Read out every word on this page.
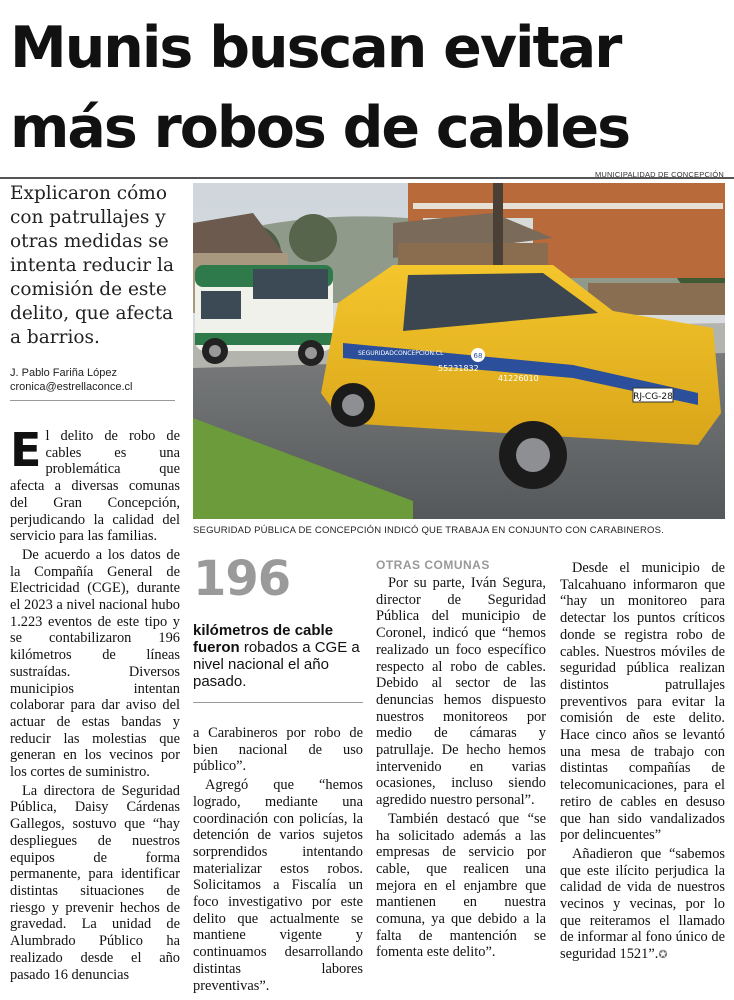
Munis buscan evitar
más robos de cables

Explicaron cómo con patrullajes y otras medidas se intenta reducir la comisión de este delito, que afecta a barrios.

J. Pablo Fariña López
cronica@estrellaconce.cl
MUNICIPALIDAD DE CONCEPCIÓN
RJ-CG-28
68
55231832
41226010
SEGURIDADCONCEPCION.CL
SEGURIDAD PÚBLICA DE CONCEPCIÓN INDICÓ QUE TRABAJA EN CONJUNTO CON CARABINEROS.

El delito de robo de cables es una problemática que afecta a diversas comunas del Gran Concepción, perjudicando la calidad del servicio para las familias.

De acuerdo a los datos de la Compañía General de Electricidad (CGE), durante el 2023 a nivel nacional hubo 1.223 eventos de este tipo y se contabilizaron 196 kilómetros de líneas sustraídas. Diversos municipios intentan colaborar para dar aviso del actuar de estas bandas y reducir las molestias que generan en los vecinos por los cortes de suministro.

La directora de Seguridad Pública, Daisy Cárdenas Gallegos, sostuvo que “hay despliegues de nuestros equipos de forma permanente, para identificar distintas situaciones de riesgo y prevenir hechos de gravedad. La unidad de Alumbrado Público ha realizado desde el año pasado 16 denuncias

196
kilómetros de cable fueron robados a CGE a nivel nacional el año pasado.

a Carabineros por robo de bien nacional de uso público”.

Agregó que “hemos logrado, mediante una coordinación con policías, la detención de varios sujetos sorprendidos intentando materializar estos robos. Solicitamos a Fiscalía un foco investigativo por este delito que actualmente se mantiene vigente y continuamos desarrollando distintas labores preventivas”.

OTRAS COMUNAS

Por su parte, Iván Segura, director de Seguridad Pública del municipio de Coronel, indicó que “hemos realizado un foco específico respecto al robo de cables. Debido al sector de las denuncias hemos dispuesto nuestros monitoreos por medio de cámaras y patrullaje. De hecho hemos intervenido en varias ocasiones, incluso siendo agredido nuestro personal”.

También destacó que “se ha solicitado además a las empresas de servicio por cable, que realicen una mejora en el enjambre que mantienen en nuestra comuna, ya que debido a la falta de mantención se fomenta este delito”.

Desde el municipio de Talcahuano informaron que “hay un monitoreo para detectar los puntos críticos donde se registra robo de cables. Nuestros móviles de seguridad pública realizan distintos patrullajes preventivos para evitar la comisión de este delito. Hace cinco años se levantó una mesa de trabajo con distintas compañías de telecomunicaciones, para el retiro de cables en desuso que han sido vandalizados por delincuentes”

Añadieron que “sabemos que este ilícito perjudica la calidad de vida de nuestros vecinos y vecinas, por lo que reiteramos el llamado de informar al fono único de seguridad 1521”.✪
